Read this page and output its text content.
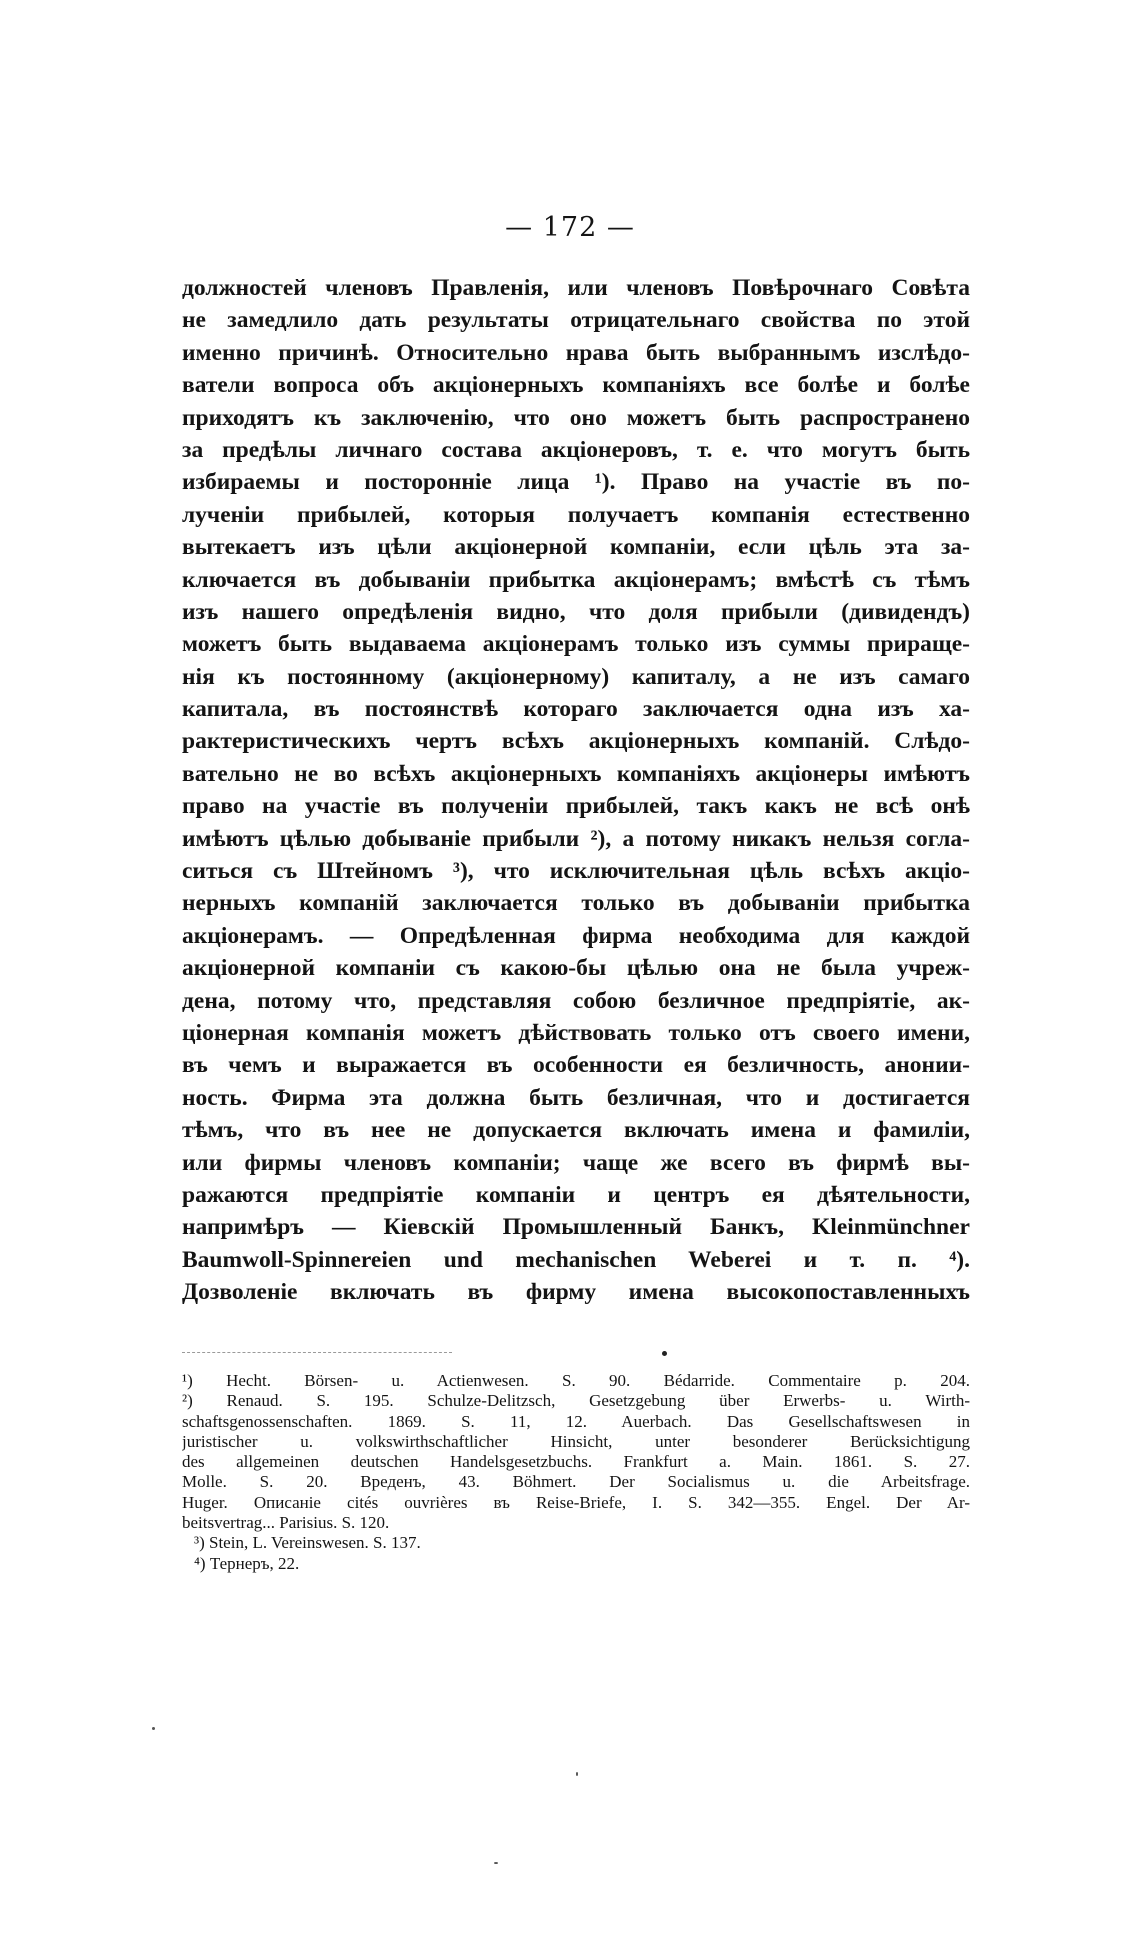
— 172 —
должностей членовъ Правленія, или членовъ Повѣрочнаго Совѣта
не замедлило дать результаты отрицательнаго свойства по этой
именно причинѣ. Относительно нрава быть выбраннымъ изслѣдо-
ватели вопроса объ акціонерныхъ компаніяхъ все болѣе и болѣе
приходятъ къ заключенію, что оно можетъ быть распространено
за предѣлы личнаго состава акціонеровъ, т. е. что могутъ быть
избираемы и посторонніе лица ¹). Право на участіе въ по-
лученіи прибылей, которыя получаетъ компанія естественно
вытекаетъ изъ цѣли акціонерной компаніи, если цѣль эта за-
ключается въ добываніи прибытка акціонерамъ; вмѣстѣ съ тѣмъ
изъ нашего опредѣленія видно, что доля прибыли (дивидендъ)
можетъ быть выдаваема акціонерамъ только изъ суммы прираще-
нія къ постоянному (акціонерному) капиталу, а не изъ самаго
капитала, въ постоянствѣ котораго заключается одна изъ ха-
рактеристическихъ чертъ всѣхъ акціонерныхъ компаній. Слѣдо-
вательно не во всѣхъ акціонерныхъ компаніяхъ акціонеры имѣютъ
право на участіе въ полученіи прибылей, такъ какъ не всѣ онѣ
имѣютъ цѣлью добываніе прибыли ²), а потому никакъ нельзя согла-
ситься съ Штейномъ ³), что исключительная цѣль всѣхъ акціо-
нерныхъ компаній заключается только въ добываніи прибытка
акціонерамъ. — Опредѣленная фирма необходима для каждой
акціонерной компаніи съ какою-бы цѣлью она не была учреж-
дена, потому что, представляя собою безличное предпріятіе, ак-
ціонерная компанія можетъ дѣйствовать только отъ своего имени,
въ чемъ и выражается въ особенности ея безличность, анонии-
ность. Фирма эта должна быть безличная, что и достигается
тѣмъ, что въ нее не допускается включать имена и фамиліи,
или фирмы членовъ компаніи; чаще же всего въ фирмѣ вы-
ражаются предпріятіе компаніи и центръ ея дѣятельности,
напримѣръ — Кіевскій Промышленный Банкъ, Kleinmünchner
Baumwoll-Spinnereien und mechanischen Weberei и т. п. ⁴).
Дозволеніе включать въ фирму имена высокопоставленныхъ
¹) Hecht. Börsen- u. Actienwesen. S. 90. Bédarride. Commentaire p. 204.
²) Renaud. S. 195. Schulze-Delitzsch, Gesetzgebung über Erwerbs- u. Wirth-
schaftsgenossenschaften. 1869. S. 11, 12. Auerbach. Das Gesellschaftswesen in
juristischer u. volkswirthschaftlicher Hinsicht, unter besonderer Berücksichtigung
des allgemeinen deutschen Handelsgesetzbuchs. Frankfurt a. Main. 1861. S. 27.
Molle. S. 20. Вреденъ, 43. Böhmert. Der Socialismus u. die Arbeitsfrage.
Huger. Описаніе cités ouvrières въ Reise-Briefe, I. S. 342—355. Engel. Der Ar-
beitsvertrag... Parisius. S. 120.
³) Stein, L. Vereinswesen. S. 137.
⁴) Тернеръ, 22.
